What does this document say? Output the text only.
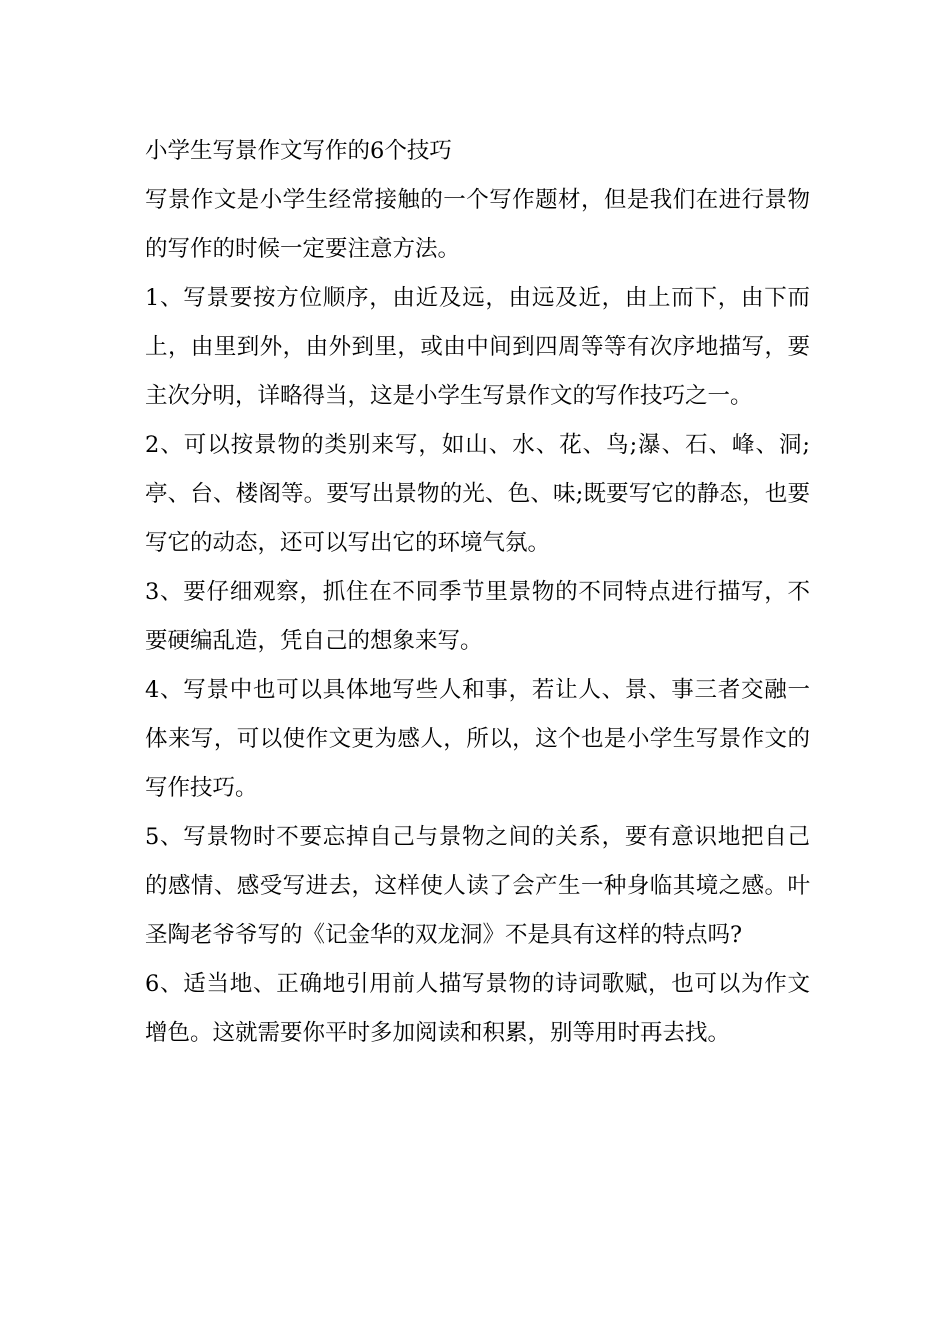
小学生写景作文写作的6个技巧

写景作文是小学生经常接触的一个写作题材，但是我们在进行景物的写作的时候一定要注意方法。

1、写景要按方位顺序，由近及远，由远及近，由上而下，由下而上，由里到外，由外到里，或由中间到四周等等有次序地描写，要主次分明，详略得当，这是小学生写景作文的写作技巧之一。

2、可以按景物的类别来写，如山、水、花、鸟;瀑、石、峰、洞;亭、台、楼阁等。要写出景物的光、色、味;既要写它的静态，也要写它的动态，还可以写出它的环境气氛。

3、要仔细观察，抓住在不同季节里景物的不同特点进行描写，不要硬编乱造，凭自己的想象来写。

4、写景中也可以具体地写些人和事，若让人、景、事三者交融一体来写，可以使作文更为感人，所以，这个也是小学生写景作文的写作技巧。

5、写景物时不要忘掉自己与景物之间的关系，要有意识地把自己的感情、感受写进去，这样使人读了会产生一种身临其境之感。叶圣陶老爷爷写的《记金华的双龙洞》不是具有这样的特点吗?

6、适当地、正确地引用前人描写景物的诗词歌赋，也可以为作文增色。这就需要你平时多加阅读和积累，别等用时再去找。
